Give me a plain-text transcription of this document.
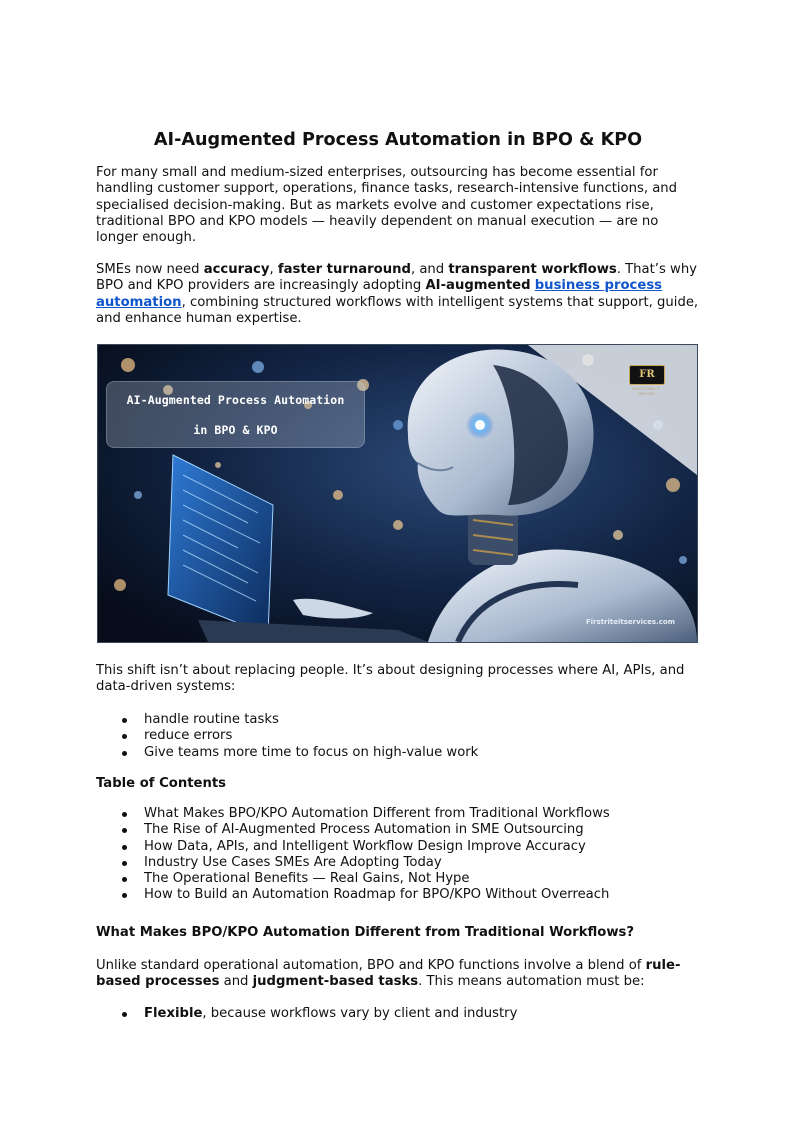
AI-Augmented Process Automation in BPO & KPO

For many small and medium-sized enterprises, outsourcing has become essential for handling customer support, operations, finance tasks, research-intensive functions, and specialised decision-making. But as markets evolve and customer expectations rise, traditional BPO and KPO models — heavily dependent on manual execution — are no longer enough.

SMEs now need accuracy, faster turnaround, and transparent workflows. That’s why BPO and KPO providers are increasingly adopting AI-augmented business process automation, combining structured workflows with intelligent systems that support, guide, and enhance human expertise.

AI-Augmented Process Automation
in BPO & KPO
FR
FIRST STRIKE IT SERVICES
Firstriteitservices.com

This shift isn’t about replacing people. It’s about designing processes where AI, APIs, and data-driven systems:

handle routine tasks
reduce errors
Give teams more time to focus on high-value work

Table of Contents

What Makes BPO/KPO Automation Different from Traditional Workflows
The Rise of AI-Augmented Process Automation in SME Outsourcing
How Data, APIs, and Intelligent Workflow Design Improve Accuracy
Industry Use Cases SMEs Are Adopting Today
The Operational Benefits — Real Gains, Not Hype
How to Build an Automation Roadmap for BPO/KPO Without Overreach

What Makes BPO/KPO Automation Different from Traditional Workflows?

Unlike standard operational automation, BPO and KPO functions involve a blend of rule-based processes and judgment-based tasks. This means automation must be:

Flexible, because workflows vary by client and industry
